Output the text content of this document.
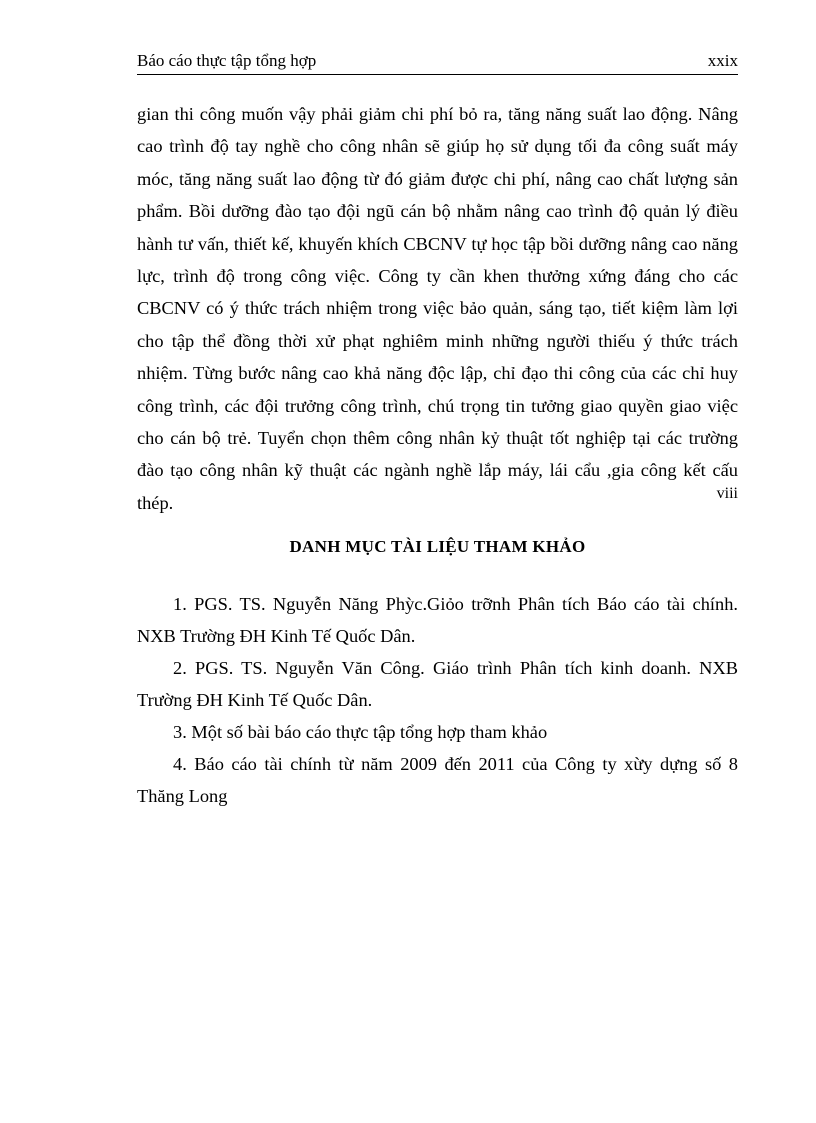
Báo cáo thực tập tổng hợp	xxix

gian thi công muốn vậy phải giảm chi phí bỏ ra, tăng năng suất lao động. Nâng cao trình độ tay nghề cho công nhân sẽ giúp họ sử dụng tối đa công suất máy móc, tăng năng suất lao động từ đó giảm được chi phí, nâng cao chất lượng sản phẩm. Bồi dưỡng đào tạo đội ngũ cán bộ nhằm nâng cao trình độ quản lý điều hành tư vấn, thiết kế, khuyến khích CBCNV tự học tập bồi dưỡng nâng cao năng lực, trình độ trong công việc. Công ty cần khen thưởng xứng đáng cho các CBCNV có ý thức trách nhiệm trong việc bảo quản, sáng tạo, tiết kiệm làm lợi cho tập thể đồng thời xử phạt nghiêm minh những người thiếu ý thức trách nhiệm. Từng bước nâng cao khả năng độc lập, chỉ đạo thi công của các chỉ huy công trình, các đội trưởng công trình, chú trọng tin tưởng giao quyền giao việc cho cán bộ trẻ. Tuyển chọn thêm công nhân kỷ thuật tốt nghiệp tại các trường đào tạo công nhân kỹ thuật các ngành nghề lắp máy, lái cẩu ,gia công kết cấu thép.	viii
DANH MỤC TÀI LIỆU THAM KHẢO
1. PGS. TS. Nguyễn Năng Phỳc.Giỏo trỡnh Phân tích Báo cáo tài chính. NXB Trường ĐH Kinh Tế Quốc Dân.
2. PGS. TS. Nguyễn Văn Công. Giáo trình Phân tích kinh doanh. NXB Trường ĐH Kinh Tế Quốc Dân.
3. Một số bài báo cáo thực tập tổng hợp tham khảo
4. Báo cáo tài chính từ năm 2009 đến 2011 của Công ty xừy dựng số 8 Thăng Long
